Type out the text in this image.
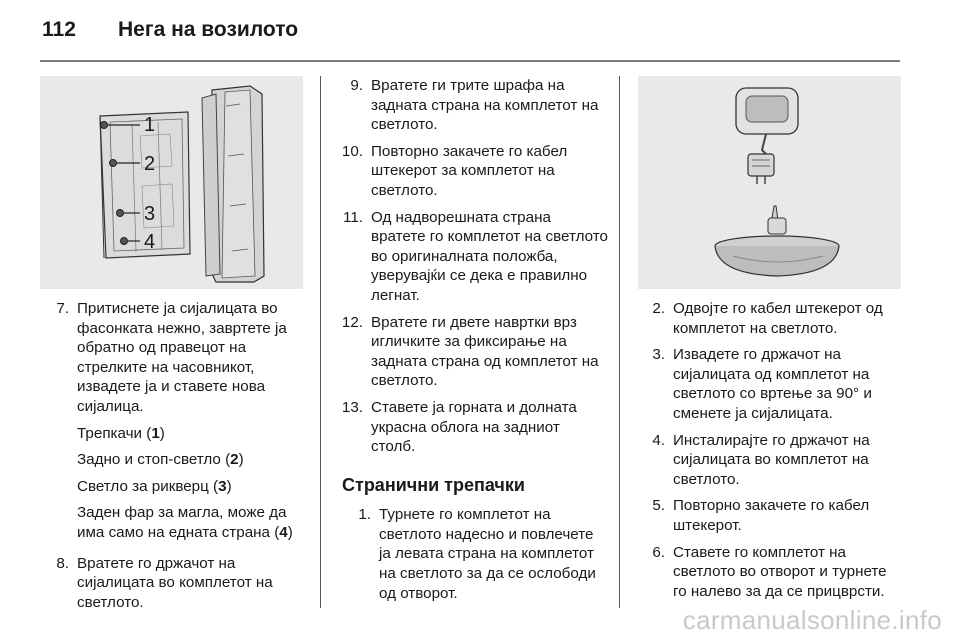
112 Нега на возилото
1
2
3
4
7. Притиснете ја сијалицата во фасонката нежно, завртете ја обратно од правецот на стрелките на часовникот, извадете ја и ставете нова сијалица.
Трепкачи (1)
Задно и стоп-светло (2)
Светло за рикверц (3)
Заден фар за магла, може да има само на едната страна (4)
8. Вратете го држачот на сијалицата во комплетот на светлото.
9. Вратете ги трите шрафа на задната страна на комплетот на светлото.
10. Повторно закачете го кабел штекерот за комплетот на светлото.
11. Од надворешната страна вратете го комплетот на светлото во оригиналната положба, уверувајќи се дека е правилно легнат.
12. Вратете ги двете навртки врз игличките за фиксирање на задната страна од комплетот на светлото.
13. Ставете ја горната и долната украсна облога на задниот столб.
Странични трепачки
1. Турнете го комплетот на светлото надесно и повлечете ја левата страна на комплетот на светлото за да се ослободи од отворот.
2. Одвојте го кабел штекерот од комплетот на светлото.
3. Извадете го држачот на сијалицата од комплетот на светлото со вртење за 90° и сменете ја сијалицата.
4. Инсталирајте го држачот на сијалицата во комплетот на светлото.
5. Повторно закачете го кабел штекерот.
6. Ставете го комплетот на светлото во отворот и турнете го налево за да се прицврсти.
carmanualsonline.info
